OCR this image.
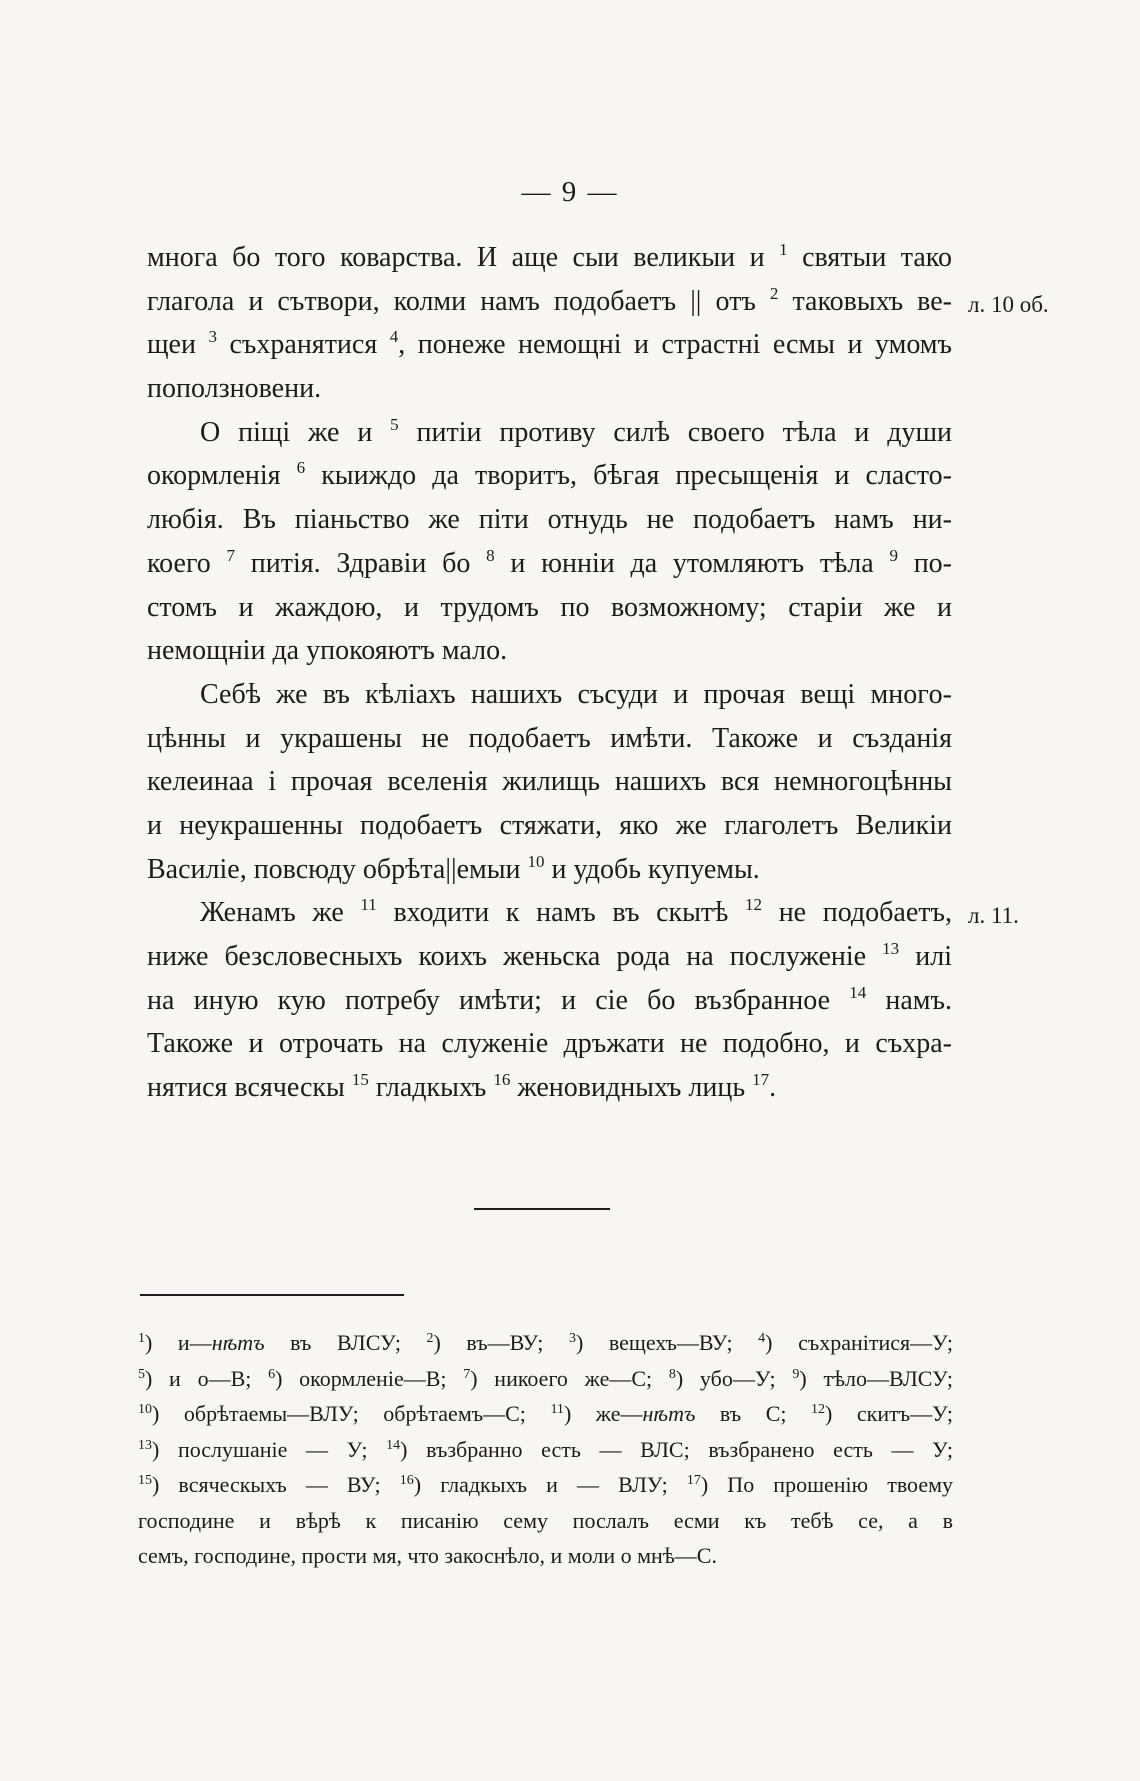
— 9 —
многа бо того коварства. И аще сыи великыи и $^1$ святыи тако
глагола и сътвори, колми намъ подобаетъ || отъ $^2$ таковыхъ ве-
щеи $^3$ съхранятися $^4$, понеже немощні и страстні есмы и умомъ
поползновени.
О піщі же и $^5$ питіи противу силѣ своего тѣла и души
окормленія $^6$ кыиждо да творитъ, бѣгая пресыщенія и сласто-
любія. Въ піаньство же піти отнудь не подобаетъ намъ ни-
коего $^7$ питія. Здравіи бо $^8$ и юнніи да утомляютъ тѣла $^9$ по-
стомъ и жаждою, и трудомъ по возможному; старіи же и
немощніи да упокояютъ мало.
Себѣ же въ кѣліахъ нашихъ съсуди и прочая вещі многo-
цѣнны и украшены не подобаетъ имѣти. Такожe и създанія
келеинаа і прочая вселенія жилищь нашихъ вся немногоцѣнны
и неукрашенны подобаетъ стяжати, яко же глаголетъ Великіи
Василіе, повсюду обрѣта||емыи $^{10}$ и удобь купуемы.
Женамъ же $^{11}$ входити к намъ въ скытѣ $^{12}$ не подобаетъ,
ниже безсловесныхъ коихъ женьска рода на послуженіе $^{13}$ илі
на иную кую потребу имѣти; и сіе бо възбранное $^{14}$ намъ.
Такожe и отрочать на служеніе дръжати не подобно, и съхра-
нятися всяческы $^{15}$ гладкыхъ $^{16}$ женовидныхъ лиць $^{17}$.
л. 10 об.
л. 11.
$^1$) и—нѣтъ въ ВЛСУ; $^2$) въ—ВУ; $^3$) вещехъ—ВУ; $^4$) съхранітися—У;
$^5$) и о—В; $^6$) окормленіе—В; $^7$) никоего же—С; $^8$) убо—У; $^9$) тѣло—ВЛСУ;
$^{10}$) обрѣтаемы—ВЛУ; обрѣтаемъ—С; $^{11}$) же—нѣтъ въ С; $^{12}$) скитъ—У;
$^{13}$) послушаніе — У; $^{14}$) възбранно есть — ВЛС; възбранено есть — У;
$^{15}$) всяческыхъ — ВУ; $^{16}$) гладкыхъ и — ВЛУ; $^{17}$) По прошенію твоему
господине и вѣрѣ к писанію сему послалъ есми къ тебѣ се, а в
семъ, господине, прости мя, что закоснѣло, и моли о мнѣ—С.
